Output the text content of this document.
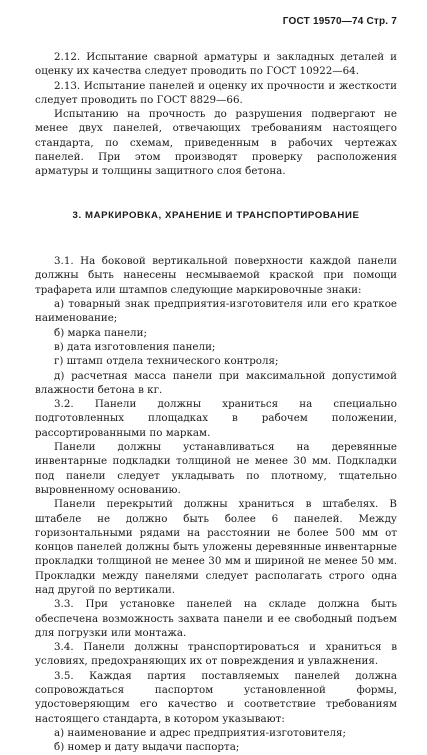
ГОСТ 19570—74 Стр. 7

2.12. Испытание сварной арматуры и закладных деталей и оценку их качества следует проводить по ГОСТ 10922—64.

2.13. Испытание панелей и оценку их прочности и жесткости следует проводить по ГОСТ 8829—66.

Испытанию на прочность до разрушения подвергают не менее двух панелей, отвечающих требованиям настоящего стандарта, по схемам, приведенным в рабочих чертежах панелей. При этом производят проверку расположения арматуры и толщины защитного слоя бетона.

3. МАРКИРОВКА, ХРАНЕНИЕ И ТРАНСПОРТИРОВАНИЕ

3.1. На боковой вертикальной поверхности каждой панели должны быть нанесены несмываемой краской при помощи трафарета или штампов следующие маркировочные знаки:

а) товарный знак предприятия-изготовителя или его краткое наименование;

б) марка панели;

в) дата изготовления панели;

г) штамп отдела технического контроля;

д) расчетная масса панели при максимальной допустимой влажности бетона в кг.

3.2. Панели должны храниться на специально подготовленных площадках в рабочем положении, рассортированными по маркам.

Панели должны устанавливаться на деревянные инвентарные подкладки толщиной не менее 30 мм. Подкладки под панели следует укладывать по плотному, тщательно выровненному основанию.

Панели перекрытий должны храниться в штабелях. В штабеле не должно быть более 6 панелей. Между горизонтальными рядами на расстоянии не более 500 мм от концов панелей должны быть уложены деревянные инвентарные прокладки толщиной не менее 30 мм и шириной не менее 50 мм. Прокладки между панелями следует располагать строго одна над другой по вертикали.

3.3. При установке панелей на складе должна быть обеспечена возможность захвата панели и ее свободный подъем для погрузки или монтажа.

3.4. Панели должны транспортироваться и храниться в условиях, предохраняющих их от повреждения и увлажнения.

3.5. Каждая партия поставляемых панелей должна сопровождаться паспортом установленной формы, удостоверяющим его качество и соответствие требованиям настоящего стандарта, в котором указывают:

а) наименование и адрес предприятия-изготовителя;

б) номер и дату выдачи паспорта;
